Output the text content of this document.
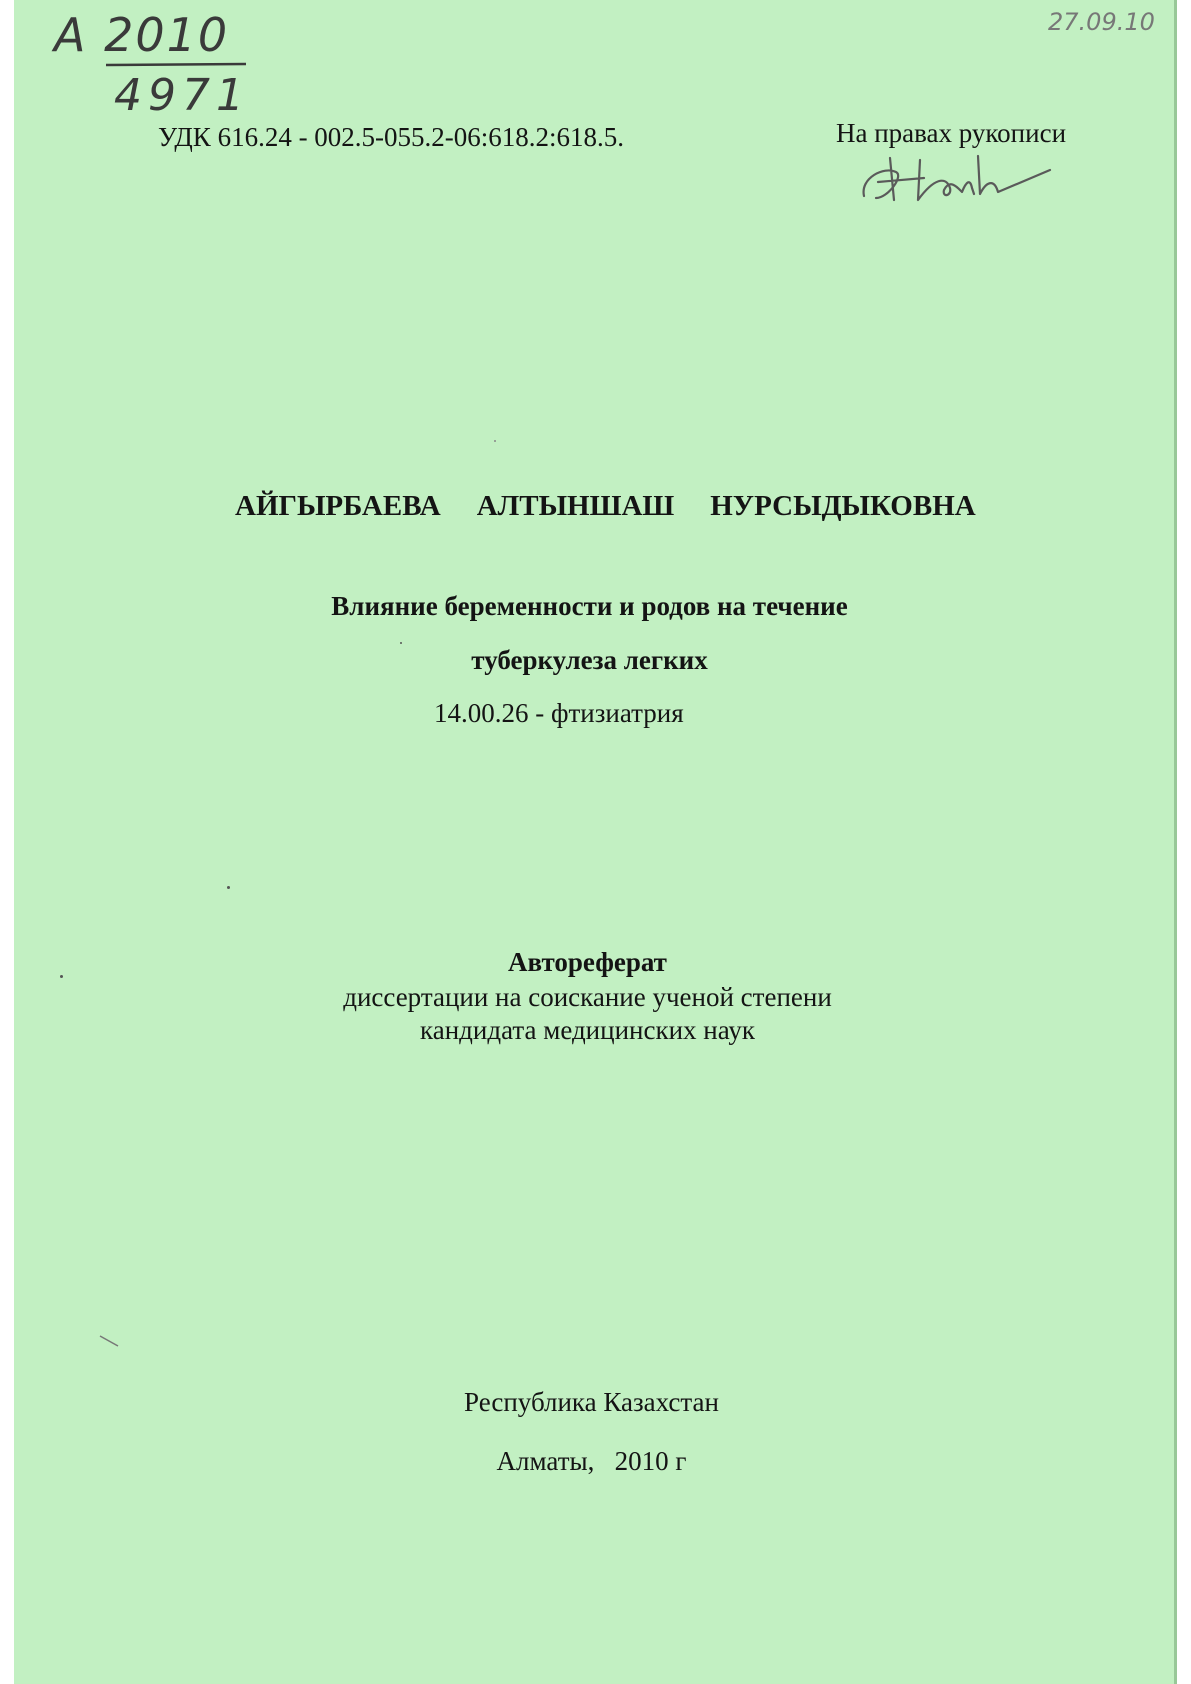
А 2010
4971
27.09.10
УДК 616.24 - 002.5-055.2-06:618.2:618.5.	На правах рукописи
АЙГЫРБАЕВА АЛТЫНШАШ НУРСЫДЫКОВНА
Влияние беременности и родов на течение
туберкулеза легких
14.00.26 - фтизиатрия
Автореферат
диссертации на соискание ученой степени
кандидата медицинских наук
Республика Казахстан
Алматы,   2010 г
